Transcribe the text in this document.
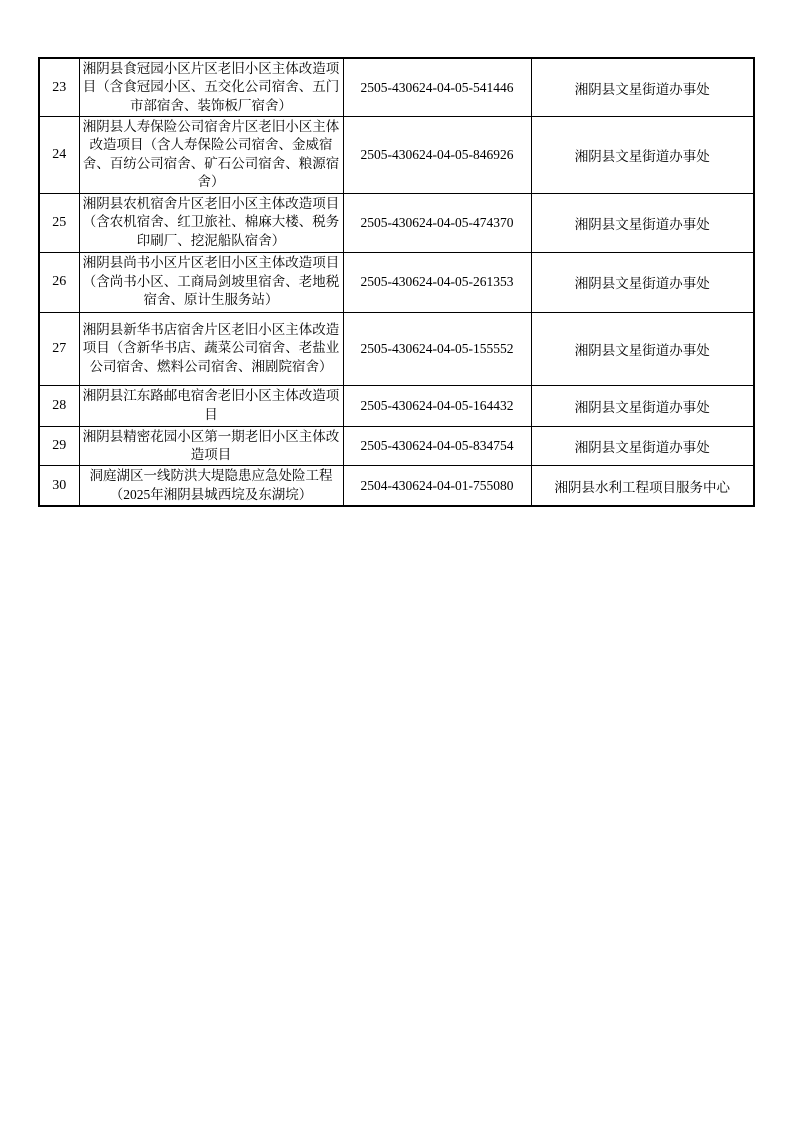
23	湘阴县食冠园小区片区老旧小区主体改造项目（含食冠园小区、五交化公司宿舍、五门市部宿舍、装饰板厂宿舍）	2505-430624-04-05-541446	湘阴县文星街道办事处
24	湘阴县人寿保险公司宿舍片区老旧小区主体改造项目（含人寿保险公司宿舍、金威宿舍、百纺公司宿舍、矿石公司宿舍、粮源宿舍）	2505-430624-04-05-846926	湘阴县文星街道办事处
25	湘阴县农机宿舍片区老旧小区主体改造项目（含农机宿舍、红卫旅社、棉麻大楼、税务印刷厂、挖泥船队宿舍）	2505-430624-04-05-474370	湘阴县文星街道办事处
26	湘阴县尚书小区片区老旧小区主体改造项目（含尚书小区、工商局剑坡里宿舍、老地税宿舍、原计生服务站）	2505-430624-04-05-261353	湘阴县文星街道办事处
27	湘阴县新华书店宿舍片区老旧小区主体改造项目（含新华书店、蔬菜公司宿舍、老盐业公司宿舍、燃料公司宿舍、湘剧院宿舍）	2505-430624-04-05-155552	湘阴县文星街道办事处
28	湘阴县江东路邮电宿舍老旧小区主体改造项目	2505-430624-04-05-164432	湘阴县文星街道办事处
29	湘阴县精密花园小区第一期老旧小区主体改造项目	2505-430624-04-05-834754	湘阴县文星街道办事处
30	洞庭湖区一线防洪大堤隐患应急处险工程（2025年湘阴县城西垸及东湖垸）	2504-430624-04-01-755080	湘阴县水利工程项目服务中心
